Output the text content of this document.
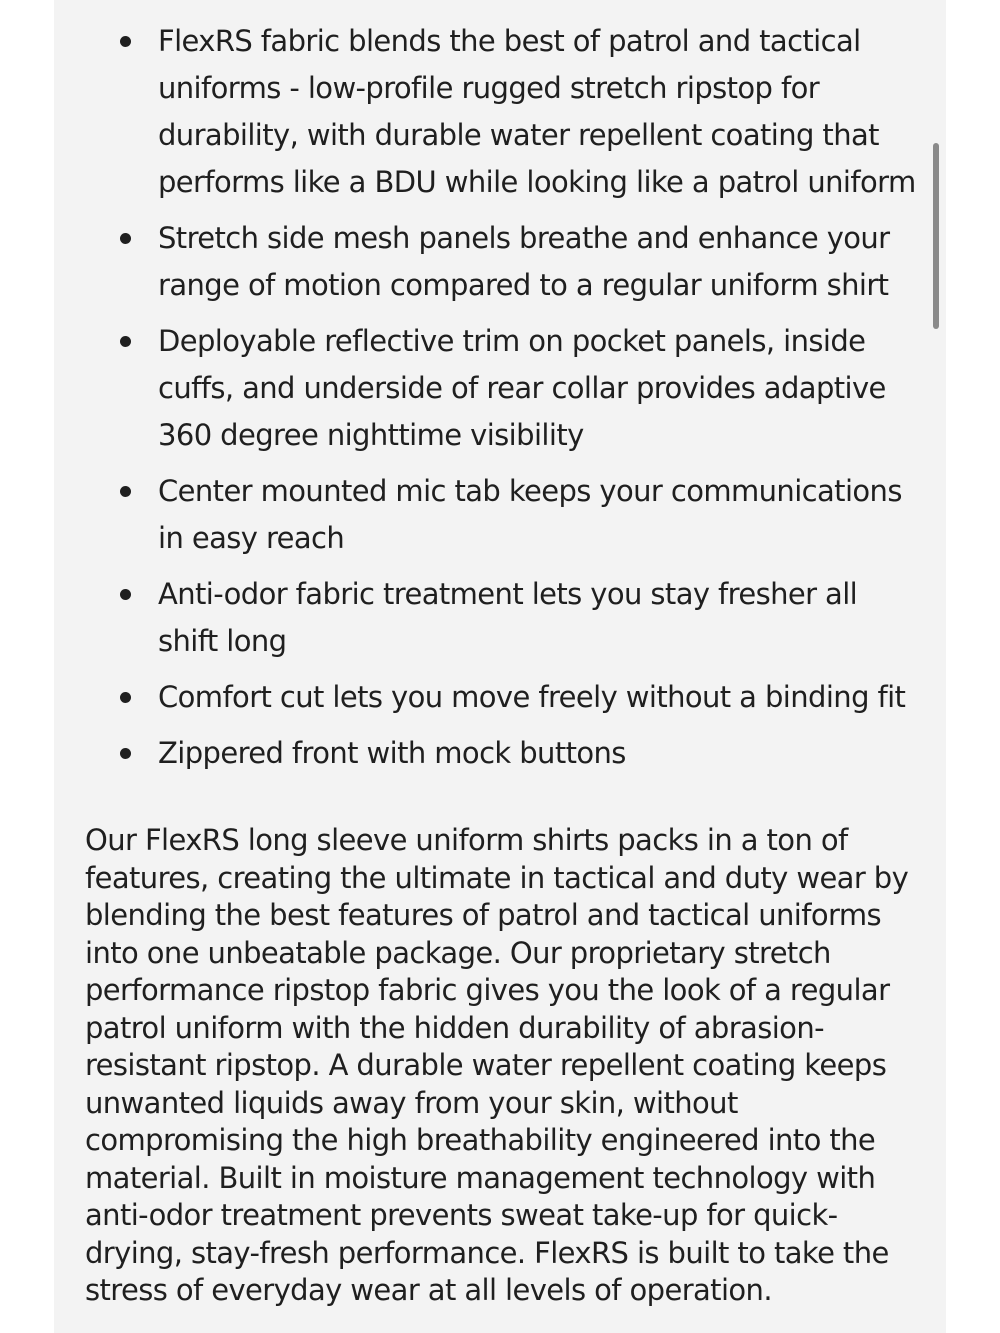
FlexRS fabric blends the best of patrol and tactical uniforms - low-profile rugged stretch ripstop for durability, with durable water repellent coating that performs like a BDU while looking like a patrol uniform
Stretch side mesh panels breathe and enhance your range of motion compared to a regular uniform shirt
Deployable reflective trim on pocket panels, inside cuffs, and underside of rear collar provides adaptive 360 degree nighttime visibility
Center mounted mic tab keeps your communications in easy reach
Anti-odor fabric treatment lets you stay fresher all shift long
Comfort cut lets you move freely without a binding fit
Zippered front with mock buttons

Our FlexRS long sleeve uniform shirts packs in a ton of features, creating the ultimate in tactical and duty wear by blending the best features of patrol and tactical uniforms into one unbeatable package. Our proprietary stretch performance ripstop fabric gives you the look of a regular patrol uniform with the hidden durability of abrasion-resistant ripstop. A durable water repellent coating keeps unwanted liquids away from your skin, without compromising the high breathability engineered into the material. Built in moisture management technology with anti-odor treatment prevents sweat take-up for quick-drying, stay-fresh performance. FlexRS is built to take the stress of everyday wear at all levels of operation.
